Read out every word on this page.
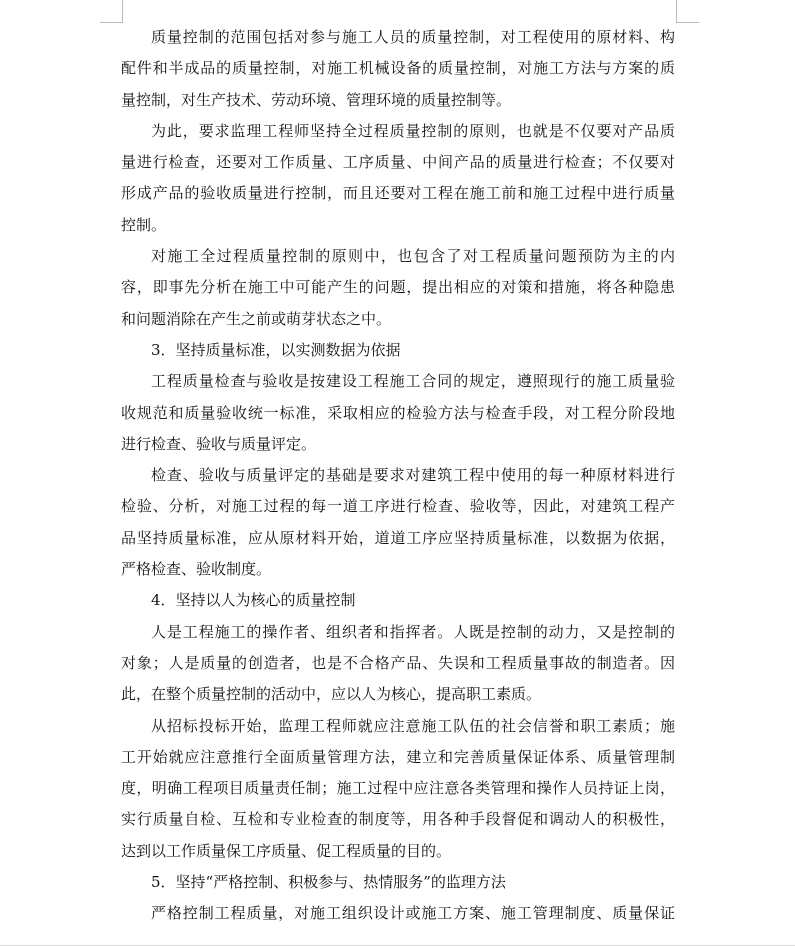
质量控制的范围包括对参与施工人员的质量控制，对工程使用的原材料、构
配件和半成品的质量控制，对施工机械设备的质量控制，对施工方法与方案的质
量控制，对生产技术、劳动环境、管理环境的质量控制等。
为此，要求监理工程师坚持全过程质量控制的原则，也就是不仅要对产品质
量进行检查，还要对工作质量、工序质量、中间产品的质量进行检查；不仅要对
形成产品的验收质量进行控制，而且还要对工程在施工前和施工过程中进行质量
控制。
对施工全过程质量控制的原则中，也包含了对工程质量问题预防为主的内
容，即事先分析在施工中可能产生的问题，提出相应的对策和措施，将各种隐患
和问题消除在产生之前或萌芽状态之中。
3．坚持质量标准，以实测数据为依据
工程质量检查与验收是按建设工程施工合同的规定，遵照现行的施工质量验
收规范和质量验收统一标准，采取相应的检验方法与检查手段，对工程分阶段地
进行检查、验收与质量评定。
检查、验收与质量评定的基础是要求对建筑工程中使用的每一种原材料进行
检验、分析，对施工过程的每一道工序进行检查、验收等，因此，对建筑工程产
品坚持质量标准，应从原材料开始，道道工序应坚持质量标准，以数据为依据，
严格检查、验收制度。
4．坚持以人为核心的质量控制
人是工程施工的操作者、组织者和指挥者。人既是控制的动力，又是控制的
对象；人是质量的创造者，也是不合格产品、失误和工程质量事故的制造者。因
此，在整个质量控制的活动中，应以人为核心，提高职工素质。
从招标投标开始，监理工程师就应注意施工队伍的社会信誉和职工素质；施
工开始就应注意推行全面质量管理方法，建立和完善质量保证体系、质量管理制
度，明确工程项目质量责任制；施工过程中应注意各类管理和操作人员持证上岗，
实行质量自检、互检和专业检查的制度等，用各种手段督促和调动人的积极性，
达到以工作质量保工序质量、促工程质量的目的。
5．坚持“严格控制、积极参与、热情服务”的监理方法
严格控制工程质量，对施工组织设计或施工方案、施工管理制度、质量保证
